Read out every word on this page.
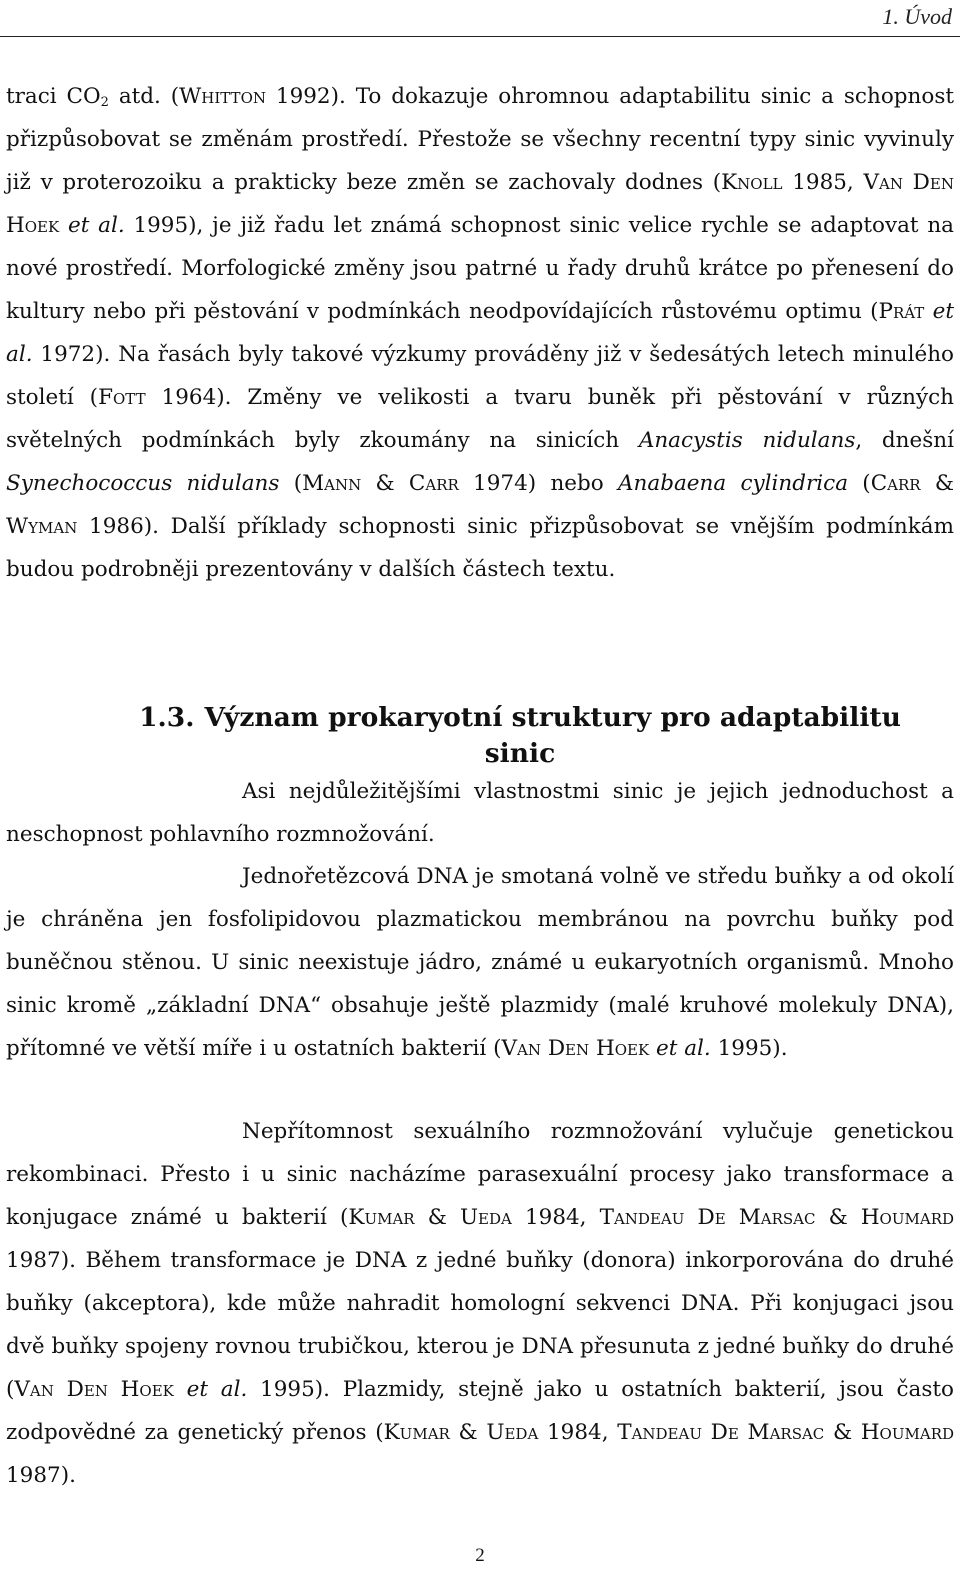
1. Úvod

traci $CO_2$ atd. (Whitton 1992). To dokazuje ohromnou adaptabilitu sinic a schopnost přizpůsobovat se změnám prostředí. Přestože se všechny recentní typy sinic vyvinuly již v proterozoiku a prakticky beze změn se zachovaly dodnes (Knoll 1985, Van Den Hoek et al. 1995), je již řadu let známá schopnost sinic velice rychle se adaptovat na nové prostředí. Morfologické změny jsou patrné u řady druhů krátce po přenesení do kultury nebo při pěstování v podmínkách neodpovídajících růstovému optimu (Prát et al. 1972). Na řasách byly takové výzkumy prováděny již v šedesátých letech minulého století (Fott 1964). Změny ve velikosti a tvaru buněk při pěstování v různých světelných podmínkách byly zkoumány na sinicích Anacystis nidulans, dnešní Synechococcus nidulans (Mann & Carr 1974) nebo Anabaena cylindrica (Carr & Wyman 1986). Další příklady schopnosti sinic přizpůsobovat se vnějším podmínkám budou podrobněji prezentovány v dalších částech textu.

1.3. Význam prokaryotní struktury pro adaptabilitu sinic

Asi nejdůležitějšími vlastnostmi sinic je jejich jednoduchost a neschopnost pohlavního rozmnožování.

Jednořetězcová DNA je smotaná volně ve středu buňky a od okolí je chráněna jen fosfolipidovou plazmatickou membránou na povrchu buňky pod buněčnou stěnou. U sinic neexistuje jádro, známé u eukaryotních organismů. Mnoho sinic kromě „základní DNA“ obsahuje ještě plazmidy (malé kruhové molekuly DNA), přítomné ve větší míře i u ostatních bakterií (Van Den Hoek et al. 1995).

Nepřítomnost sexuálního rozmnožování vylučuje genetickou rekombinaci. Přesto i u sinic nacházíme parasexuální procesy jako transformace a konjugace známé u bakterií (Kumar & Ueda 1984, Tandeau De Marsac & Houmard 1987). Během transformace je DNA z jedné buňky (donora) inkorporována do druhé buňky (akceptora), kde může nahradit homologní sekvenci DNA. Při konjugaci jsou dvě buňky spojeny rovnou trubičkou, kterou je DNA přesunuta z jedné buňky do druhé (Van Den Hoek et al. 1995). Plazmidy, stejně jako u ostatních bakterií, jsou často zodpovědné za genetický přenos (Kumar & Ueda 1984, Tandeau De Marsac & Houmard 1987).

2
